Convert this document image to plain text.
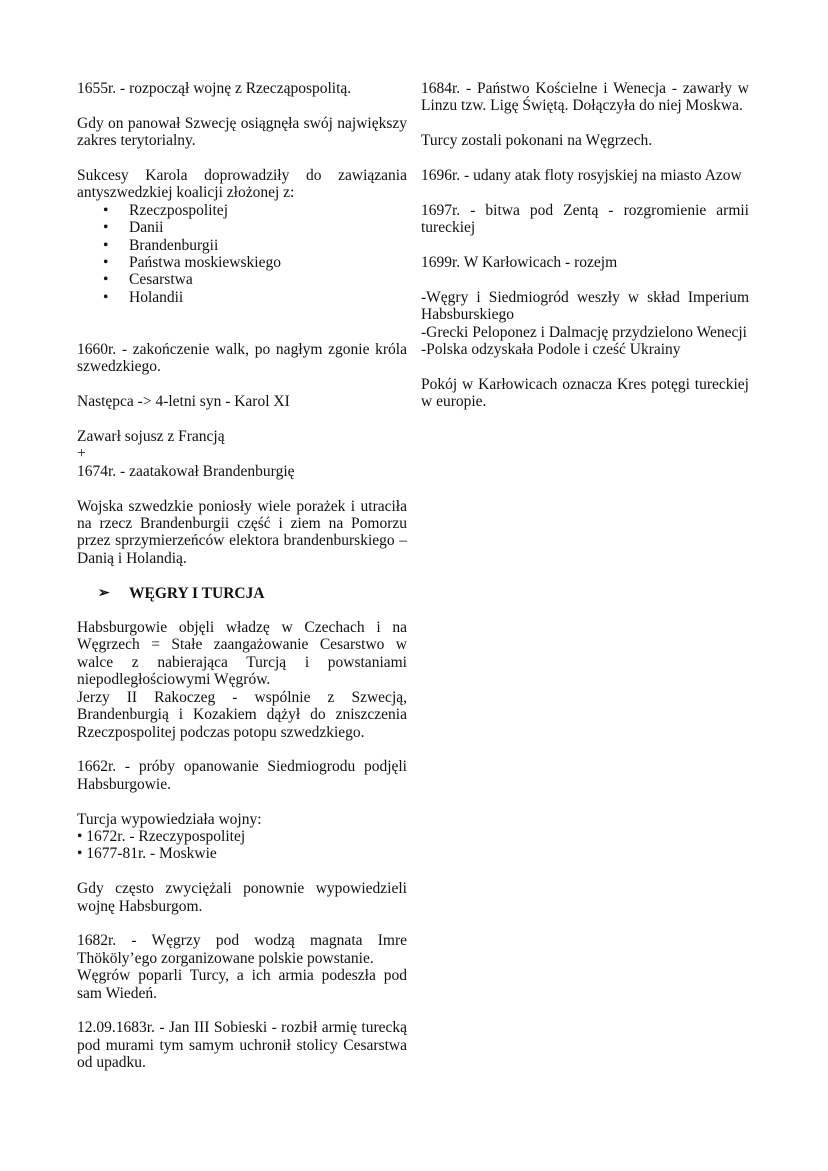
1655r. - rozpoczął wojnę z Rzecząpospolitą.

Gdy on panował Szwecję osiągnęła swój największy zakres terytorialny.

Sukcesy Karola doprowadziły do zawiązania antyszwedzkiej koalicji złożonej z:

• Rzeczpospolitej
• Danii
• Brandenburgii
• Państwa moskiewskiego
• Cesarstwa
• Holandii

1660r. - zakończenie walk, po nagłym zgonie króla szwedzkiego.

Następca -> 4-letni syn - Karol XI

Zawarł sojusz z Francją
+
1674r. - zaatakował Brandenburgię

Wojska szwedzkie poniosły wiele porażek i utraciła na rzecz Brandenburgii część i ziem na Pomorzu przez sprzymierzeńców elektora brandenburskiego – Danią i Holandią.

➢	WĘGRY I TURCJA

Habsburgowie objęli władzę w Czechach i na Węgrzech = Stałe zaangażowanie Cesarstwo w walce z nabierająca Turcją i powstaniami niepodległościowymi Węgrów.

Jerzy II Rakoczeg - wspólnie z Szwecją, Brandenburgią i Kozakiem dążył do zniszczenia Rzeczpospolitej podczas potopu szwedzkiego.

1662r. - próby opanowanie Siedmiogrodu podjęli Habsburgowie.

Turcja wypowiedziała wojny:
• 1672r. - Rzeczypospolitej
• 1677-81r. - Moskwie

Gdy często zwyciężali ponownie wypowiedzieli wojnę Habsburgom.

1682r. - Węgrzy pod wodzą magnata Imre Thököly’ego zorganizowane polskie powstanie.

Węgrów poparli Turcy, a ich armia podeszła pod sam Wiedeń.

12.09.1683r. - Jan III Sobieski - rozbił armię turecką pod murami tym samym uchronił stolicy Cesarstwa od upadku.

1684r. - Państwo Kościelne i Wenecja - zawarły w Linzu tzw. Ligę Świętą. Dołączyła do niej Moskwa.

Turcy zostali pokonani na Węgrzech.

1696r. - udany atak floty rosyjskiej na miasto Azow

1697r. - bitwa pod Zentą - rozgromienie armii tureckiej

1699r. W Karłowicach - rozejm

-Węgry i Siedmiogród weszły w skład Imperium Habsburskiego

-Grecki Peloponez i Dalmację przydzielono Wenecji

-Polska odzyskała Podole i cześć Ukrainy

Pokój w Karłowicach oznacza Kres potęgi tureckiej w europie.
